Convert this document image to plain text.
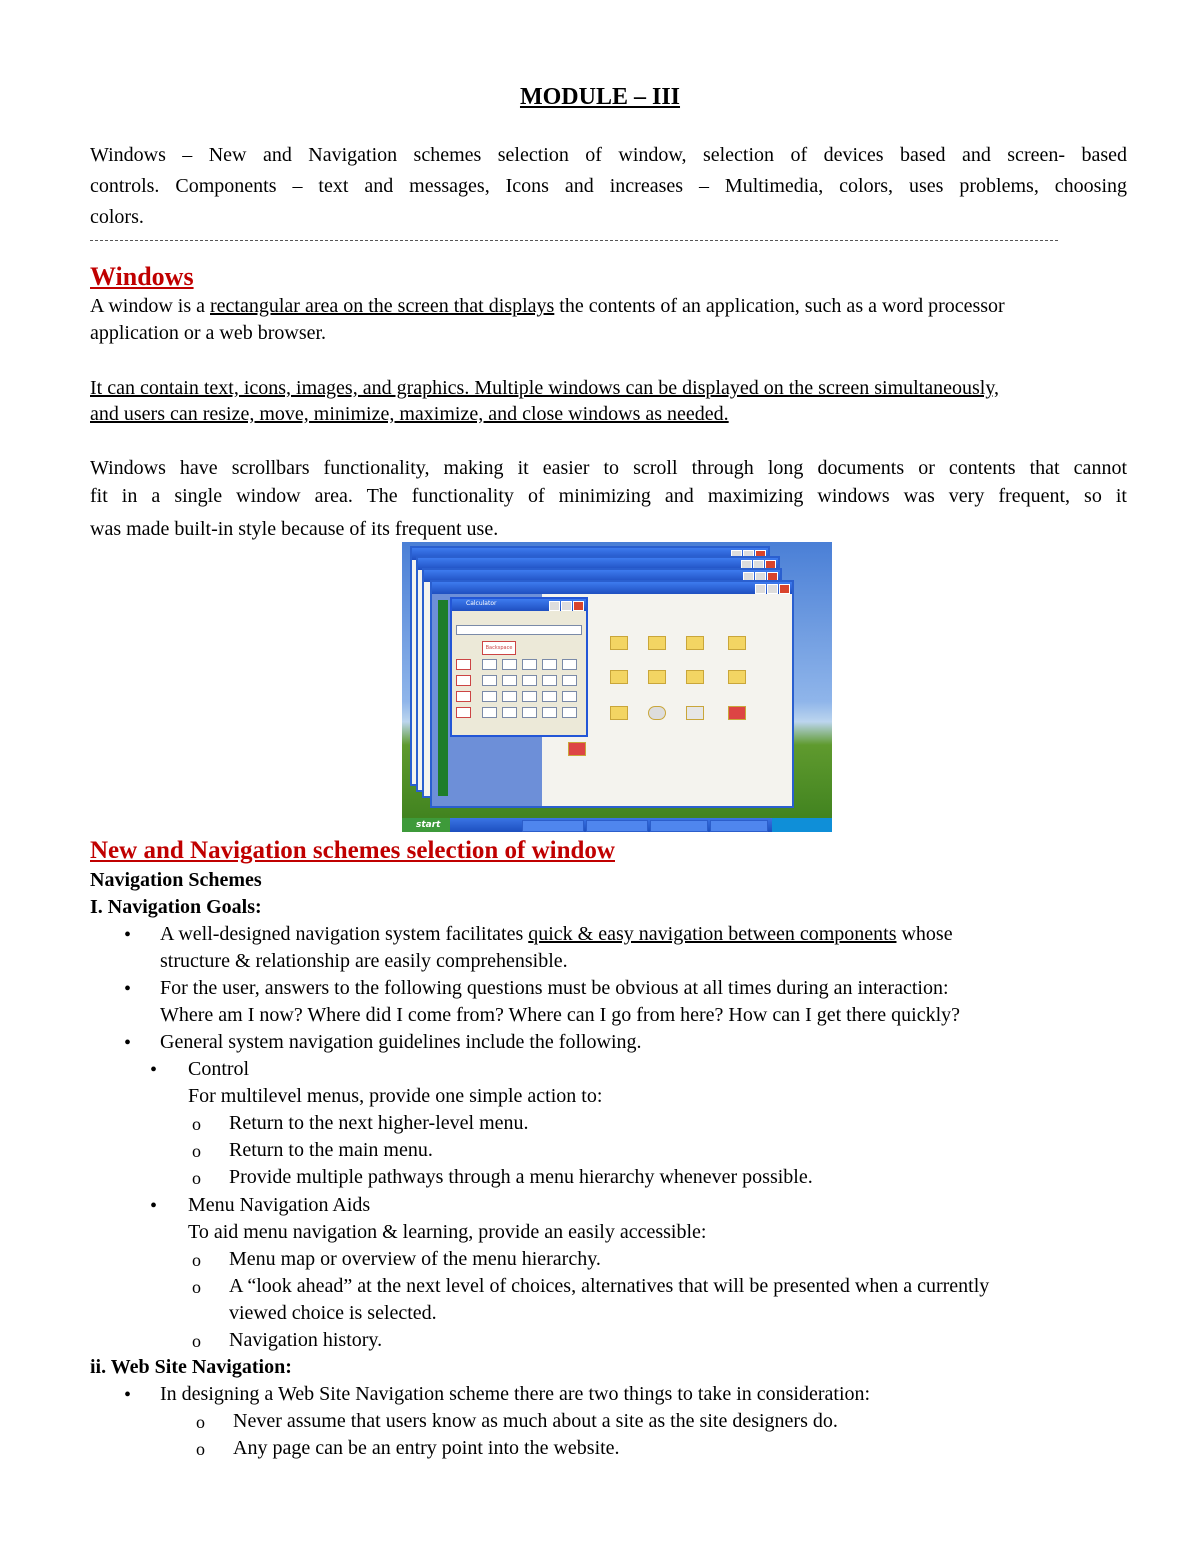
MODULE – III
Windows – New and Navigation schemes selection of window, selection of devices based and screen- based
controls. Components – text and messages, Icons and increases – Multimedia, colors, uses problems, choosing
colors.
Windows
A window is a rectangular area on the screen that displays the contents of an application, such as a word processor
application or a web browser.
It can contain text, icons, images, and graphics. Multiple windows can be displayed on the screen simultaneously,
and users can resize, move, minimize, maximize, and close windows as needed.
Windows have scrollbars functionality, making it easier to scroll through long documents or contents that cannot
fit in a single window area. The functionality of minimizing and maximizing windows was very frequent, so it
was made built-in style because of its frequent use.
start
Calculator
Backspace
New and Navigation schemes selection of window
Navigation Schemes
I. Navigation Goals:
• A well-designed navigation system facilitates quick & easy navigation between components whose
structure & relationship are easily comprehensible.
• For the user, answers to the following questions must be obvious at all times during an interaction:
Where am I now? Where did I come from? Where can I go from here? How can I get there quickly?
• General system navigation guidelines include the following.
• Control
For multilevel menus, provide one simple action to:
o Return to the next higher-level menu.
o Return to the main menu.
o Provide multiple pathways through a menu hierarchy whenever possible.
• Menu Navigation Aids
To aid menu navigation & learning, provide an easily accessible:
o Menu map or overview of the menu hierarchy.
o A “look ahead” at the next level of choices, alternatives that will be presented when a currently
viewed choice is selected.
o Navigation history.
ii. Web Site Navigation:
• In designing a Web Site Navigation scheme there are two things to take in consideration:
o Never assume that users know as much about a site as the site designers do.
o Any page can be an entry point into the website.
